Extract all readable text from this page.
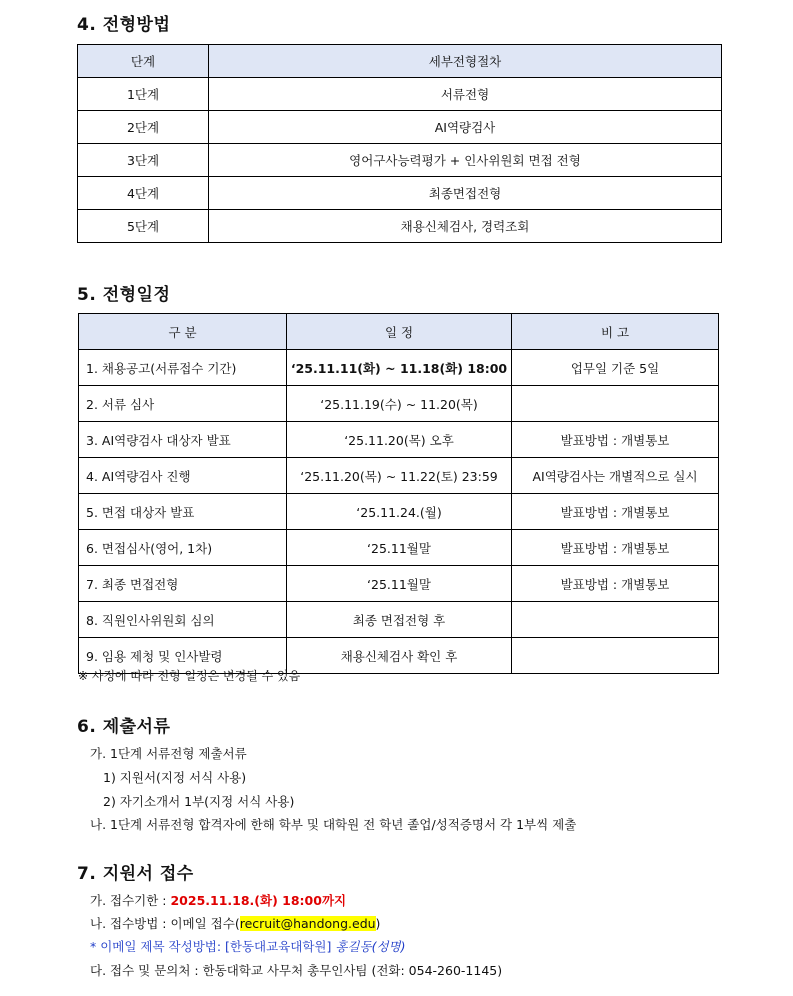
4. 전형방법
단계	세부전형절차
1단계	서류전형
2단계	AI역량검사
3단계	영어구사능력평가 + 인사위원회 면접 전형
4단계	최종면접전형
5단계	채용신체검사, 경력조회
5. 전형일정
구 분	일 정	비 고
1. 채용공고(서류접수 기간)	‘25.11.11(화) ~ 11.18(화) 18:00	업무일 기준 5일
2. 서류 심사	‘25.11.19(수) ~ 11.20(목)	
3. AI역량검사 대상자 발표	‘25.11.20(목) 오후	발표방법 : 개별통보
4. AI역량검사 진행	‘25.11.20(목) ~ 11.22(토) 23:59	AI역량검사는 개별적으로 실시
5. 면접 대상자 발표	‘25.11.24.(월)	발표방법 : 개별통보
6. 면접심사(영어, 1차)	‘25.11월말	발표방법 : 개별통보
7. 최종 면접전형	‘25.11월말	발표방법 : 개별통보
8. 직원인사위원회 심의	최종 면접전형 후	
9. 임용 제청 및 인사발령	채용신체검사 확인 후	
※ 사정에 따라 전형 일정은 변경될 수 있음
6. 제출서류
가. 1단계 서류전형 제출서류
1) 지원서(지정 서식 사용)
2) 자기소개서 1부(지정 서식 사용)
나. 1단계 서류전형 합격자에 한해 학부 및 대학원 전 학년 졸업/성적증명서 각 1부씩 제출
7. 지원서 접수
가. 접수기한 : 2025.11.18.(화) 18:00까지
나. 접수방법 : 이메일 접수(recruit@handong.edu)
* 이메일 제목 작성방법: [한동대교육대학원] 홍길동(성명)
다. 접수 및 문의처 : 한동대학교 사무처 총무인사팀 (전화: 054-260-1145)
